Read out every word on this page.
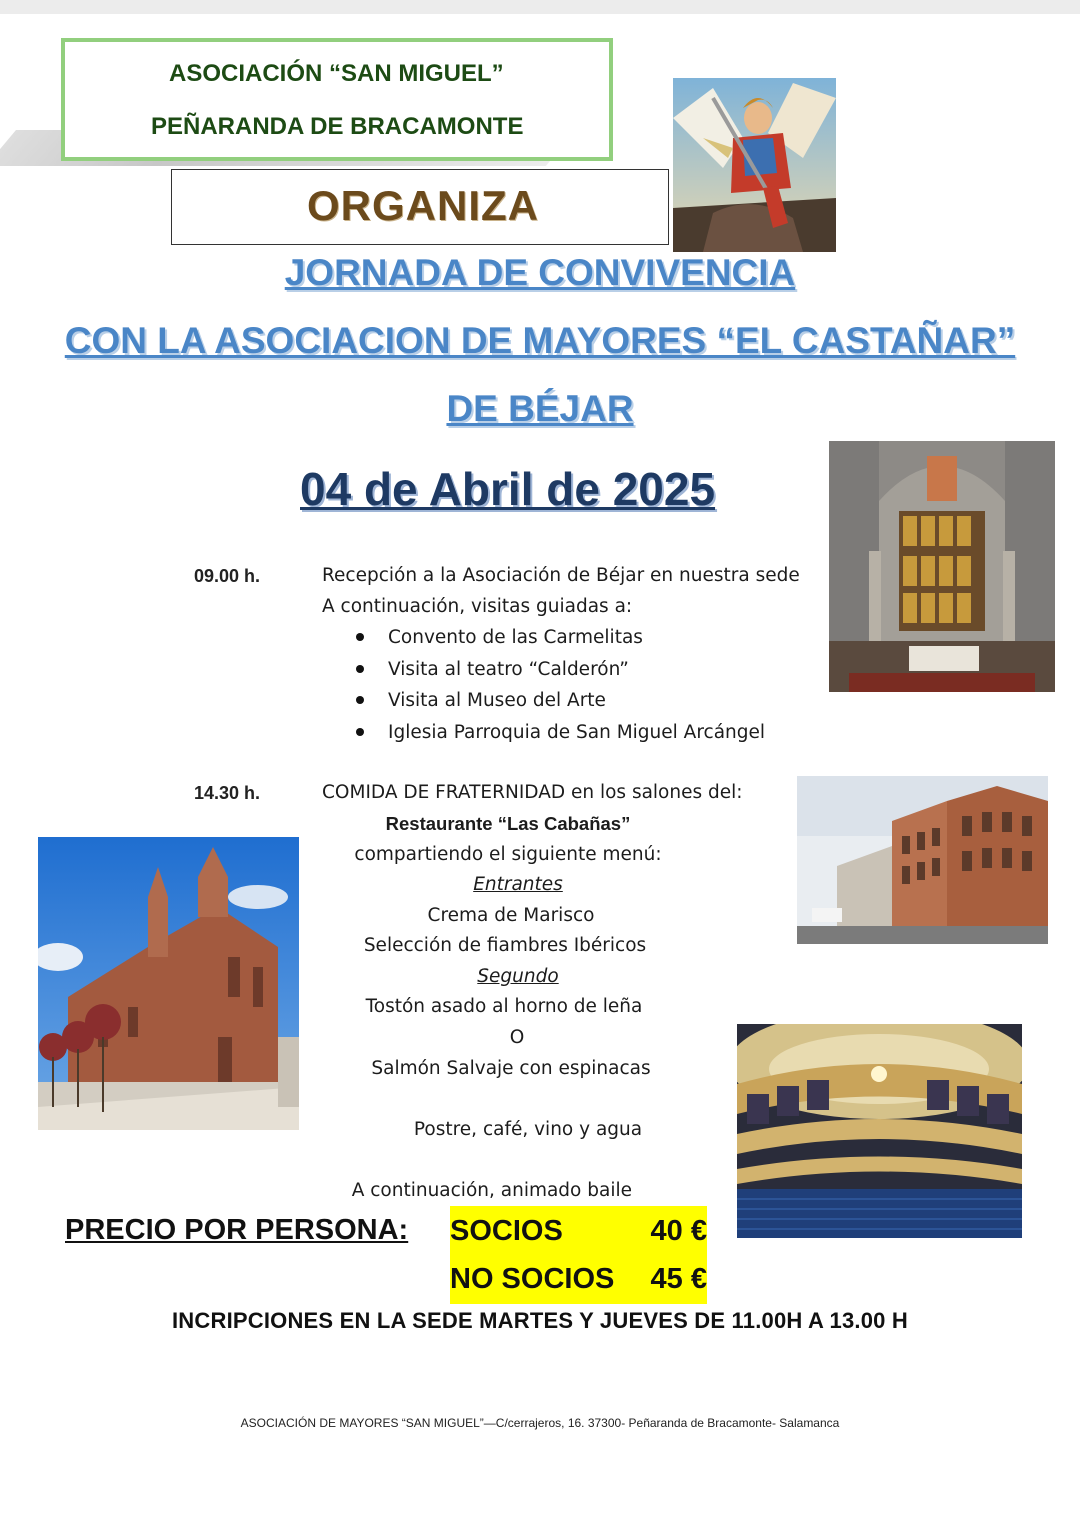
ASOCIACIÓN “SAN MIGUEL”
PEÑARANDA DE BRACAMONTE
ORGANIZA
JORNADA DE CONVIVENCIA
CON LA ASOCIACION DE MAYORES “EL CASTAÑAR”
DE BÉJAR
04 de Abril de 2025
09.00 h.	Recepción a la Asociación de Béjar en nuestra sede
A continuación, visitas guiadas a:
Convento de las Carmelitas
Visita al teatro “Calderón”
Visita al Museo del Arte
Iglesia Parroquia de San Miguel Arcángel
14.30 h.	COMIDA DE FRATERNIDAD en los salones del:
Restaurante “Las Cabañas”
compartiendo el siguiente menú:
Entrantes
Crema de Marisco
Selección de fiambres Ibéricos
Segundo
Tostón asado al horno de leña
O
Salmón Salvaje con espinacas
Postre, café, vino y agua
A continuación, animado baile
PRECIO POR PERSONA: SOCIOS	40 €
NO SOCIOS 45 €
INCRIPCIONES EN LA SEDE MARTES Y JUEVES DE 11.00H A 13.00 H
ASOCIACIÓN DE MAYORES “SAN MIGUEL”—C/cerrajeros, 16. 37300- Peñaranda de Bracamonte- Salamanca
